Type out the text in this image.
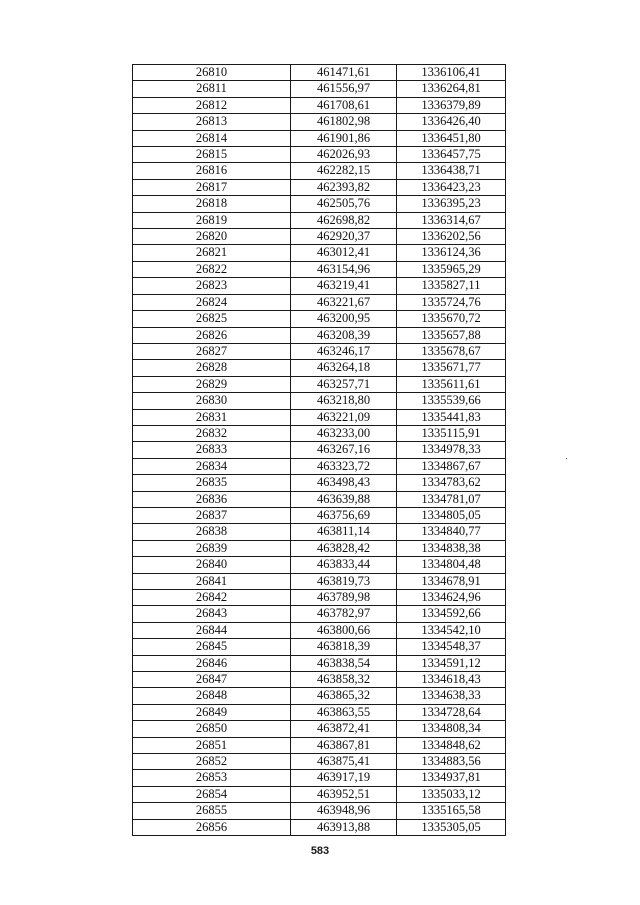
26810	461471,61	1336106,41
26811	461556,97	1336264,81
26812	461708,61	1336379,89
26813	461802,98	1336426,40
26814	461901,86	1336451,80
26815	462026,93	1336457,75
26816	462282,15	1336438,71
26817	462393,82	1336423,23
26818	462505,76	1336395,23
26819	462698,82	1336314,67
26820	462920,37	1336202,56
26821	463012,41	1336124,36
26822	463154,96	1335965,29
26823	463219,41	1335827,11
26824	463221,67	1335724,76
26825	463200,95	1335670,72
26826	463208,39	1335657,88
26827	463246,17	1335678,67
26828	463264,18	1335671,77
26829	463257,71	1335611,61
26830	463218,80	1335539,66
26831	463221,09	1335441,83
26832	463233,00	1335115,91
26833	463267,16	1334978,33
26834	463323,72	1334867,67
26835	463498,43	1334783,62
26836	463639,88	1334781,07
26837	463756,69	1334805,05
26838	463811,14	1334840,77
26839	463828,42	1334838,38
26840	463833,44	1334804,48
26841	463819,73	1334678,91
26842	463789,98	1334624,96
26843	463782,97	1334592,66
26844	463800,66	1334542,10
26845	463818,39	1334548,37
26846	463838,54	1334591,12
26847	463858,32	1334618,43
26848	463865,32	1334638,33
26849	463863,55	1334728,64
26850	463872,41	1334808,34
26851	463867,81	1334848,62
26852	463875,41	1334883,56
26853	463917,19	1334937,81
26854	463952,51	1335033,12
26855	463948,96	1335165,58
26856	463913,88	1335305,05
583
